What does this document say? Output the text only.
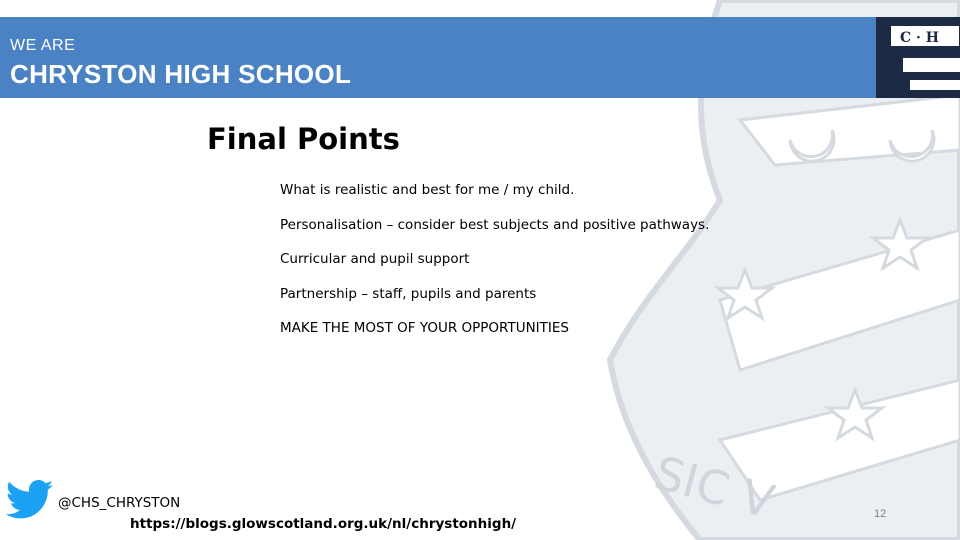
SIC V
C · H
WE ARE
CHRYSTON HIGH SCHOOL
Final Points
What is realistic and best for me / my child.
Personalisation – consider best subjects and positive pathways.
Curricular and pupil support
Partnership – staff, pupils and parents
MAKE THE MOST OF YOUR OPPORTUNITIES
@CHS_CHRYSTON
https://blogs.glowscotland.org.uk/nl/chrystonhigh/
12
